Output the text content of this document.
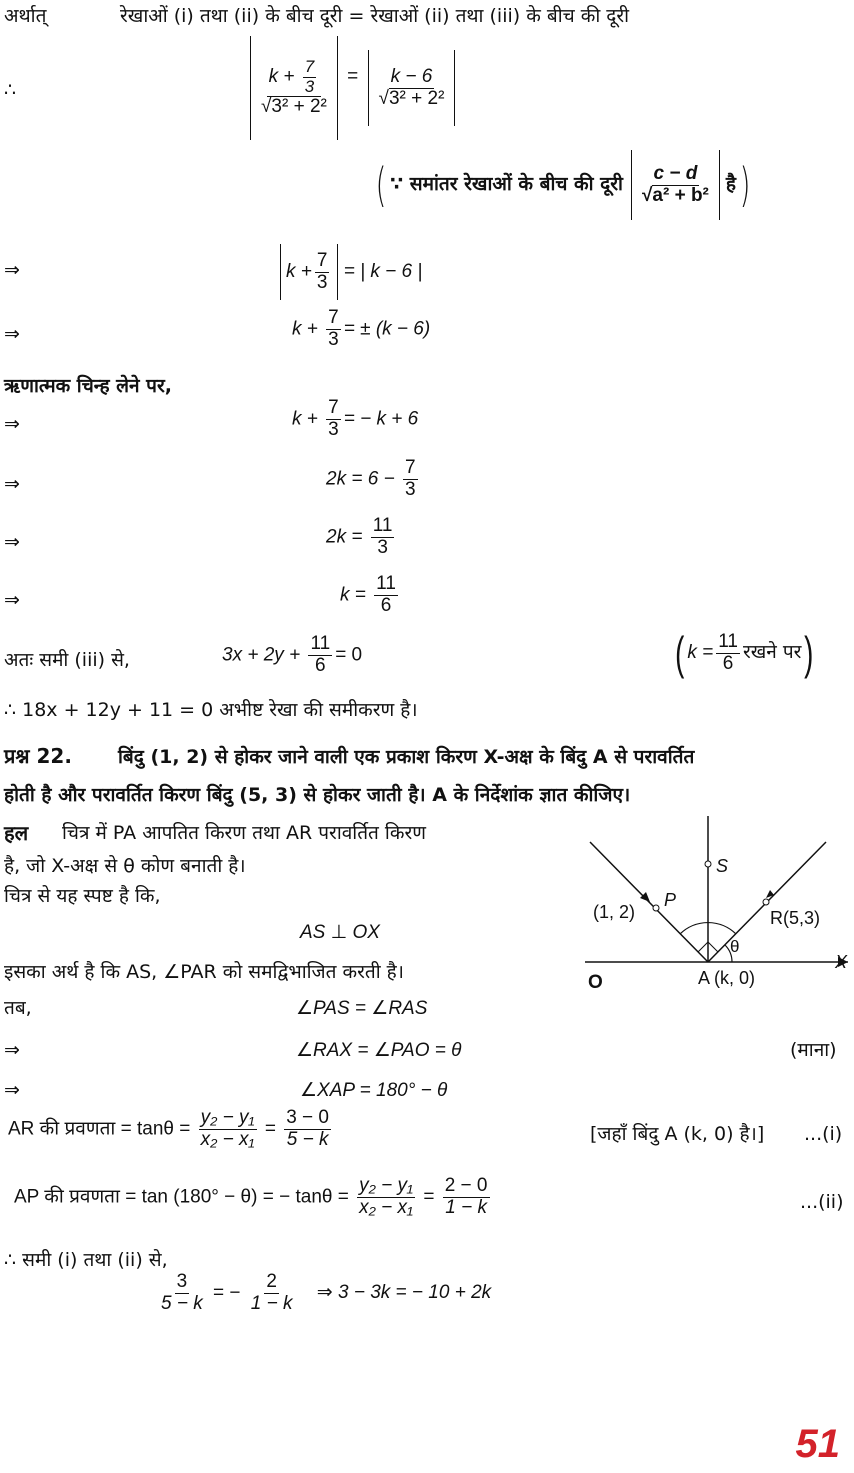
अर्थात्	रेखाओं (i) तथा (ii) के बीच दूरी = रेखाओं (ii) तथा (iii) के बीच की दूरी
∴	$\frac{k + \frac{7}{3}}{\text{√3² + 2²}} = \frac{k - 6}{\text{√3² + 2²}}$
( ∵ समांतर रेखाओं के बीच की दूरी $\frac{c - d}{\text{√a² + b²}}$ है )
⇒	$k + \frac{7}{3}$ = | k − 6 |
⇒	$k + \frac{7}{3}$ = ± (k − 6)
ऋणात्मक चिन्ह लेने पर,
⇒	$k + \frac{7}{3}$ = − k + 6
⇒	$2k = 6 - \frac{7}{3}$
⇒	$2k = \frac{11}{3}$
⇒	$k = \frac{11}{6}$
अतः समी (iii) से,	$3x + 2y + \frac{11}{6} = 0$	( $k = \frac{11}{6}$ रखने पर )
∴ 18x + 12y + 11 = 0 अभीष्ट रेखा की समीकरण है।
प्रश्न 22. बिंदु (1, 2) से होकर जाने वाली एक प्रकाश किरण X-अक्ष के बिंदु A से परावर्तित
होती है और परावर्तित किरण बिंदु (5, 3) से होकर जाती है। A के निर्देशांक ज्ञात कीजिए।
हल चित्र में PA आपतित किरण तथा AR परावर्तित किरण
है, जो X-अक्ष से θ कोण बनाती है।
चित्र से यह स्पष्ट है कि,
AS ⊥ OX
इसका अर्थ है कि AS, ∠PAR को समद्विभाजित करती है।
तब,	∠PAS = ∠RAS
⇒	∠RAX = ∠PAO = θ	(माना)
⇒	∠XAP = 180° − θ
AR की प्रवणता = $\tan\theta = \frac{\text{y₂ − y₁}}{\text{x₂ − x₁}} = \frac{3 - 0}{5 - k}$	[जहाँ बिंदु A (k, 0) है।] ...(i)
AP की प्रवणता = tan (180° − θ) = − $\tan\theta = \frac{\text{y₂ − y₁}}{\text{x₂ − x₁}} = \frac{2 - 0}{1 - k}$	...(ii)
∴ समी (i) तथा (ii) से,
$\frac{3}{5 - k}$ = − $\frac{2}{1 - k}$ ⇒ 3 − 3k = − 10 + 2k
(1, 2)
P
S
R(5,3)
θ
X
O	A (k, 0)
51
